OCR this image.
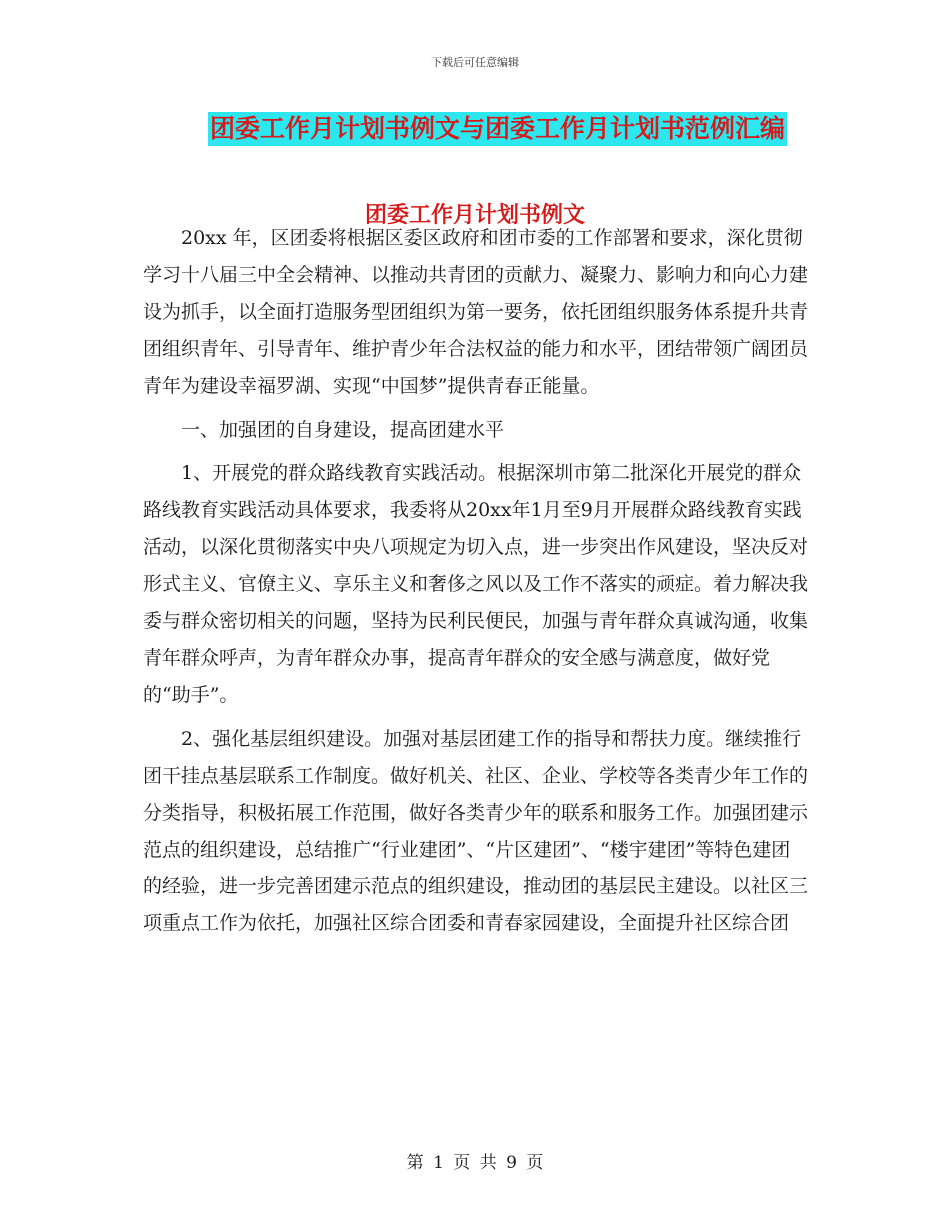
下载后可任意编辑
团委工作月计划书例文与团委工作月计划书范例汇编
团委工作月计划书例文

20xx 年，区团委将根据区委区政府和团市委的工作部署和要求，深化贯彻学习十八届三中全会精神、以推动共青团的贡献力、凝聚力、影响力和向心力建设为抓手，以全面打造服务型团组织为第一要务，依托团组织服务体系提升共青团组织青年、引导青年、维护青少年合法权益的能力和水平，团结带领广阔团员青年为建设幸福罗湖、实现“中国梦”提供青春正能量。

一、加强团的自身建设，提高团建水平

1、开展党的群众路线教育实践活动。根据深圳市第二批深化开展党的群众路线教育实践活动具体要求，我委将从20xx年1月至9月开展群众路线教育实践活动，以深化贯彻落实中央八项规定为切入点，进一步突出作风建设，坚决反对形式主义、官僚主义、享乐主义和奢侈之风以及工作不落实的顽症。着力解决我委与群众密切相关的问题，坚持为民利民便民，加强与青年群众真诚沟通，收集青年群众呼声，为青年群众办事，提高青年群众的安全感与满意度，做好党的“助手”。

2、强化基层组织建设。加强对基层团建工作的指导和帮扶力度。继续推行团干挂点基层联系工作制度。做好机关、社区、企业、学校等各类青少年工作的分类指导，积极拓展工作范围，做好各类青少年的联系和服务工作。加强团建示范点的组织建设，总结推广“行业建团”、“片区建团”、“楼宇建团”等特色建团的经验，进一步完善团建示范点的组织建设，推动团的基层民主建设。以社区三项重点工作为依托，加强社区综合团委和青春家园建设，全面提升社区综合团

第 1 页 共 9 页
